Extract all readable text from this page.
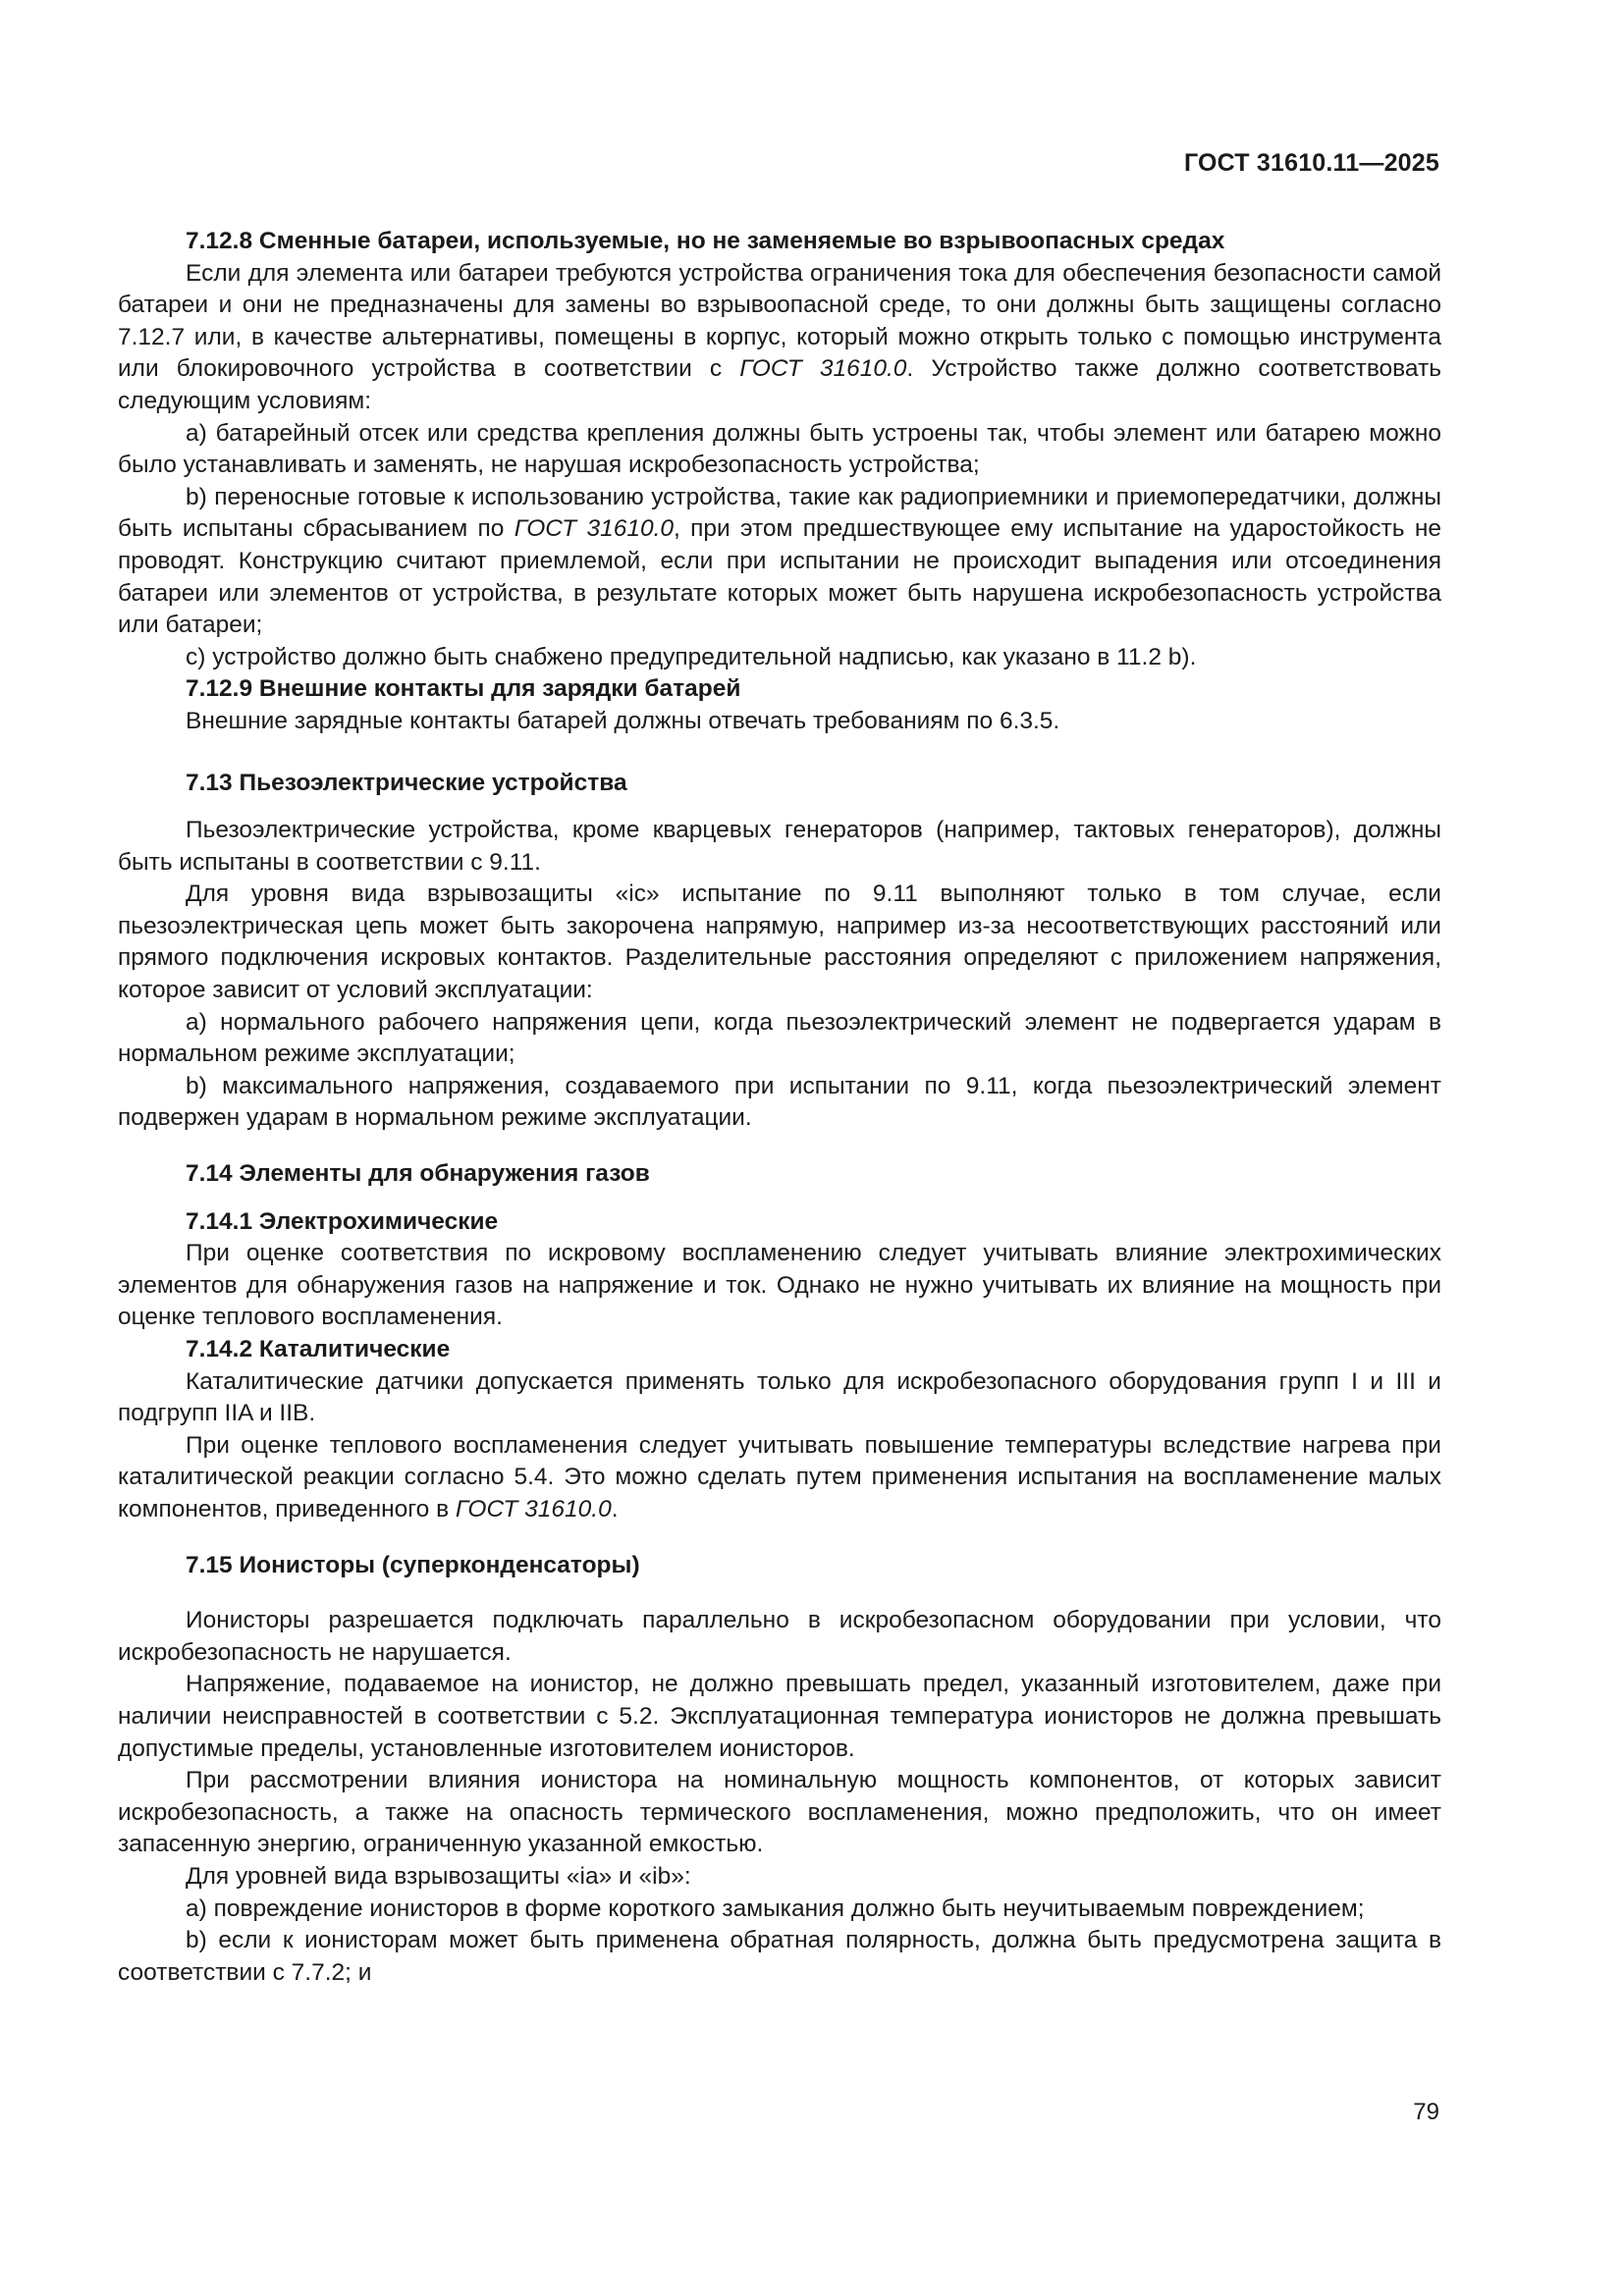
ГОСТ 31610.11—2025

7.12.8 Сменные батареи, используемые, но не заменяемые во взрывоопасных средах

Если для элемента или батареи требуются устройства ограничения тока для обеспечения безопасности самой батареи и они не предназначены для замены во взрывоопасной среде, то они должны быть защищены согласно 7.12.7 или, в качестве альтернативы, помещены в корпус, который можно открыть только с помощью инструмента или блокировочного устройства в соответствии с ГОСТ 31610.0. Устройство также должно соответствовать следующим условиям:

a) батарейный отсек или средства крепления должны быть устроены так, чтобы элемент или батарею можно было устанавливать и заменять, не нарушая искробезопасность устройства;

b) переносные готовые к использованию устройства, такие как радиоприемники и приемопередатчики, должны быть испытаны сбрасыванием по ГОСТ 31610.0, при этом предшествующее ему испытание на ударостойкость не проводят. Конструкцию считают приемлемой, если при испытании не происходит выпадения или отсоединения батареи или элементов от устройства, в результате которых может быть нарушена искробезопасность устройства или батареи;

c) устройство должно быть снабжено предупредительной надписью, как указано в 11.2 b).

7.12.9 Внешние контакты для зарядки батарей

Внешние зарядные контакты батарей должны отвечать требованиям по 6.3.5.

7.13 Пьезоэлектрические устройства

Пьезоэлектрические устройства, кроме кварцевых генераторов (например, тактовых генераторов), должны быть испытаны в соответствии с 9.11.

Для уровня вида взрывозащиты «ic» испытание по 9.11 выполняют только в том случае, если пьезоэлектрическая цепь может быть закорочена напрямую, например из-за несоответствующих расстояний или прямого подключения искровых контактов. Разделительные расстояния определяют с приложением напряжения, которое зависит от условий эксплуатации:

a) нормального рабочего напряжения цепи, когда пьезоэлектрический элемент не подвергается ударам в нормальном режиме эксплуатации;

b) максимального напряжения, создаваемого при испытании по 9.11, когда пьезоэлектрический элемент подвержен ударам в нормальном режиме эксплуатации.

7.14 Элементы для обнаружения газов

7.14.1 Электрохимические

При оценке соответствия по искровому воспламенению следует учитывать влияние электрохимических элементов для обнаружения газов на напряжение и ток. Однако не нужно учитывать их влияние на мощность при оценке теплового воспламенения.

7.14.2 Каталитические

Каталитические датчики допускается применять только для искробезопасного оборудования групп I и III и подгрупп IIA и IIB.

При оценке теплового воспламенения следует учитывать повышение температуры вследствие нагрева при каталитической реакции согласно 5.4. Это можно сделать путем применения испытания на воспламенение малых компонентов, приведенного в ГОСТ 31610.0.

7.15 Ионисторы (суперконденсаторы)

Ионисторы разрешается подключать параллельно в искробезопасном оборудовании при условии, что искробезопасность не нарушается.

Напряжение, подаваемое на ионистор, не должно превышать предел, указанный изготовителем, даже при наличии неисправностей в соответствии с 5.2. Эксплуатационная температура ионисторов не должна превышать допустимые пределы, установленные изготовителем ионисторов.

При рассмотрении влияния ионистора на номинальную мощность компонентов, от которых зависит искробезопасность, а также на опасность термического воспламенения, можно предположить, что он имеет запасенную энергию, ограниченную указанной емкостью.

Для уровней вида взрывозащиты «ia» и «ib»:

a) повреждение ионисторов в форме короткого замыкания должно быть неучитываемым повреждением;

b) если к ионисторам может быть применена обратная полярность, должна быть предусмотрена защита в соответствии с 7.7.2; и

79
